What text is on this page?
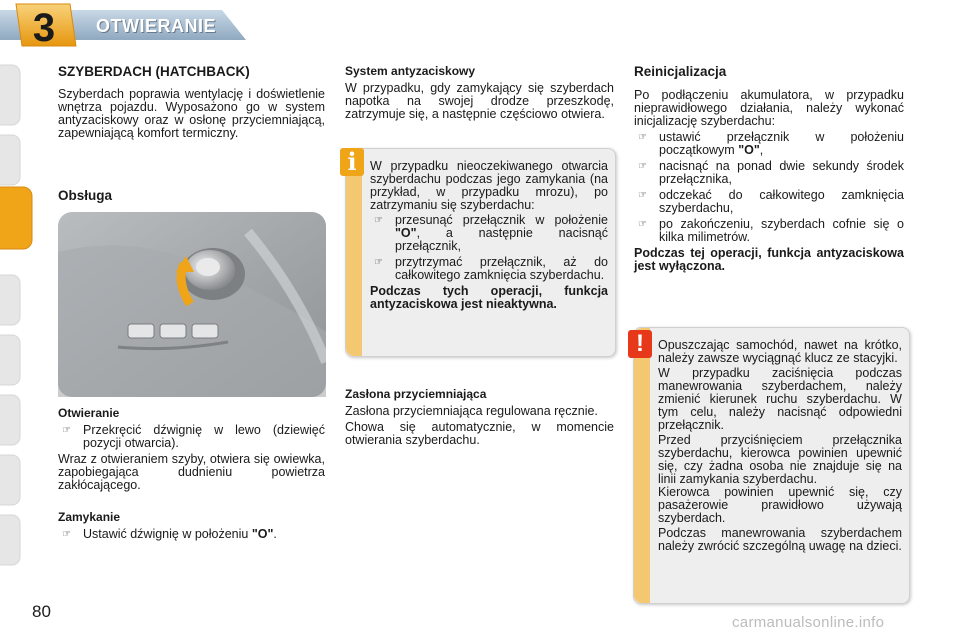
3	OTWIERANIE
SZYBERDACH (HATCHBACK)

Szyberdach poprawia wentylację i doświetlenie wnętrza pojazdu. Wyposażono go w system antyzaciskowy oraz w osłonę przyciemniającą, zapewniającą komfort termiczny.

Obsługa

Otwieranie

☞ Przekręcić dźwignię w lewo (dziewięć pozycji otwarcia).

Wraz z otwieraniem szyby, otwiera się owiewka, zapobiegająca dudnieniu powietrza zakłócającego.

Zamykanie

☞ Ustawić dźwignię w położeniu "O".

System antyzaciskowy

W przypadku, gdy zamykający się szyberdach napotka na swojej drodze przeszkodę, zatrzymuje się, a następnie częściowo otwiera.

i	W przypadku nieoczekiwanego otwarcia szyberdachu podczas jego zamykania (na przykład, w przypadku mrozu), po zatrzymaniu się szyberdachu:

☞ przesunąć przełącznik w położenie "O", a następnie nacisnąć przełącznik,
☞ przytrzymać przełącznik, aż do całkowitego zamknięcia szyberdachu.

Podczas tych operacji, funkcja antyzaciskowa jest nieaktywna.

Zasłona przyciemniająca

Zasłona przyciemniająca regulowana ręcznie.

Chowa się automatycznie, w momencie otwierania szyberdachu.

Reinicjalizacja

Po podłączeniu akumulatora, w przypadku nieprawidłowego działania, należy wykonać inicjalizację szyberdachu:

☞ ustawić przełącznik w położeniu początkowym "O",
☞ nacisnąć na ponad dwie sekundy środek przełącznika,
☞ odczekać do całkowitego zamknięcia szyberdachu,
☞ po zakończeniu, szyberdach cofnie się o kilka milimetrów.

Podczas tej operacji, funkcja antyzaciskowa jest wyłączona.

!	Opuszczając samochód, nawet na krótko, należy zawsze wyciągnąć klucz ze stacyjki.

W przypadku zaciśnięcia podczas manewrowania szyberdachem, należy zmienić kierunek ruchu szyberdachu. W tym celu, należy nacisnąć odpowiedni przełącznik.

Przed przyciśnięciem przełącznika szyberdachu, kierowca powinien upewnić się, czy żadna osoba nie znajduje się na linii zamykania szyberdachu.

Kierowca powinien upewnić się, czy pasażerowie prawidłowo używają szyberdach.

Podczas manewrowania szyberdachem należy zwrócić szczególną uwagę na dzieci.

80
carmanualsonline.info
